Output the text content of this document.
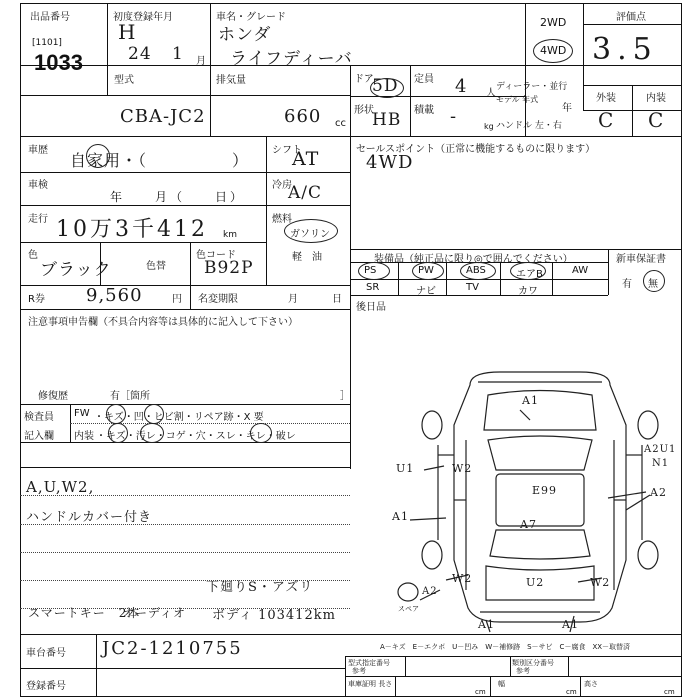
出品番号
[1101]
1033
初度登録年月
H
24 1 月
車名・グレード
ホンダ
ライフディーバ
2WD
4WD
評価点
3.5
外装	内装
C C
型式
CBA-JC2
排気量
660 cc
ドア
5D 定員 4 人
形状
HB 積載 -	kg
ディーラー・並行
モデル 年式
年
ハンドル 左・右
車歴
自家用・（　　　　　）
シフト
AT
車検
年　　月（　　日）
冷房
A/C
走行 10万3千412 km
燃料
ガソリン
軽　油
色
ブラック	色替
色コード
B92P
R券 9,560	円 名変期限	月	日
注意事項申告欄（不具合内容等は具体的に記入して下さい）
修復歴	有［箇所	］
検査員
記入欄
FW ・キズ・凹・ヒビ割・リペア跡・X 要
内装 ・キズ・汚レ・コゲ・穴・スレ・キレ・破レ
A,U,W2,
ハンドルカバー付き
下廻りS・アズリ
スマートキー　2本
オーディオ ボディ 103412km
セールスポイント（正常に機能するものに限ります）
4WD
装備品（純正品に限り◎で囲んでください）	新車保証書
有 無
PS	PW	ABS	エアB	AW
SR	ナビ	TV	カワ
後日品
A1
W2
U1
A1
A2U1
N1
A2
E99
A7
W2	U2	W2
A2
A1	A1
スペア
A－キズ　E－エクボ　U－凹み　W－補修跡　S－サビ　C－腐食　XX－取替済
車台番号 JC2-1210755
登録番号
型式指定番号
参考
類別区分番号
参考
車庫証明 長さ
cm
幅
cm
高さ
cm
